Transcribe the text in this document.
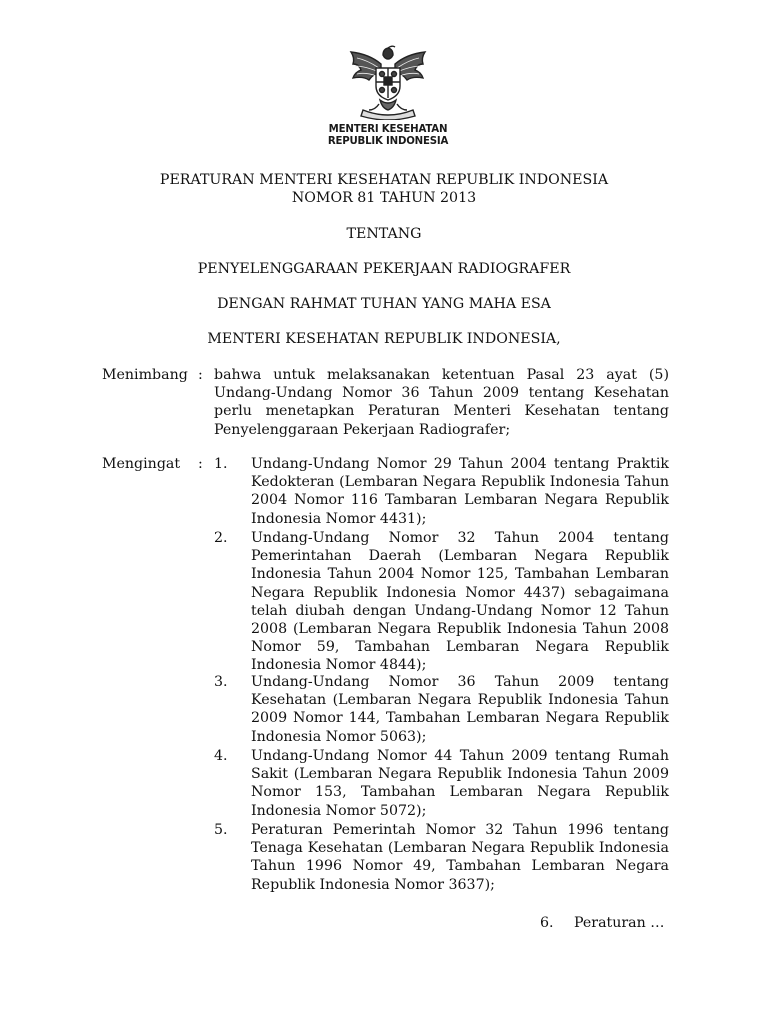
MENTERI KESEHATAN
REPUBLIK INDONESIA
PERATURAN MENTERI KESEHATAN REPUBLIK INDONESIA
NOMOR 81 TAHUN 2013
TENTANG
PENYELENGGARAAN PEKERJAAN RADIOGRAFER
DENGAN RAHMAT TUHAN YANG MAHA ESA
MENTERI KESEHATAN REPUBLIK INDONESIA,
Menimbang : bahwa untuk melaksanakan ketentuan Pasal 23 ayat (5) Undang-Undang Nomor 36 Tahun 2009 tentang Kesehatan perlu menetapkan Peraturan Menteri Kesehatan tentang Penyelenggaraan Pekerjaan Radiografer;

Mengingat : 1.	Undang-Undang Nomor 29 Tahun 2004 tentang Praktik Kedokteran (Lembaran Negara Republik Indonesia Tahun 2004 Nomor 116 Tambaran Lembaran Negara Republik Indonesia Nomor 4431);

2.	Undang-Undang Nomor 32 Tahun 2004 tentang Pemerintahan Daerah (Lembaran Negara Republik Indonesia Tahun 2004 Nomor 125, Tambahan Lembaran Negara Republik Indonesia Nomor 4437) sebagaimana telah diubah dengan Undang-Undang Nomor 12 Tahun 2008 (Lembaran Negara Republik Indonesia Tahun 2008 Nomor 59, Tambahan Lembaran Negara Republik Indonesia Nomor 4844);

3.	Undang-Undang Nomor 36 Tahun 2009 tentang Kesehatan (Lembaran Negara Republik Indonesia Tahun 2009 Nomor 144, Tambahan Lembaran Negara Republik Indonesia Nomor 5063);

4.	Undang-Undang Nomor 44 Tahun 2009 tentang Rumah Sakit (Lembaran Negara Republik Indonesia Tahun 2009 Nomor 153, Tambahan Lembaran Negara Republik Indonesia Nomor 5072);

5.	Peraturan Pemerintah Nomor 32 Tahun 1996 tentang Tenaga Kesehatan (Lembaran Negara Republik Indonesia Tahun 1996 Nomor 49, Tambahan Lembaran Negara Republik Indonesia Nomor 3637);

6. Peraturan …
